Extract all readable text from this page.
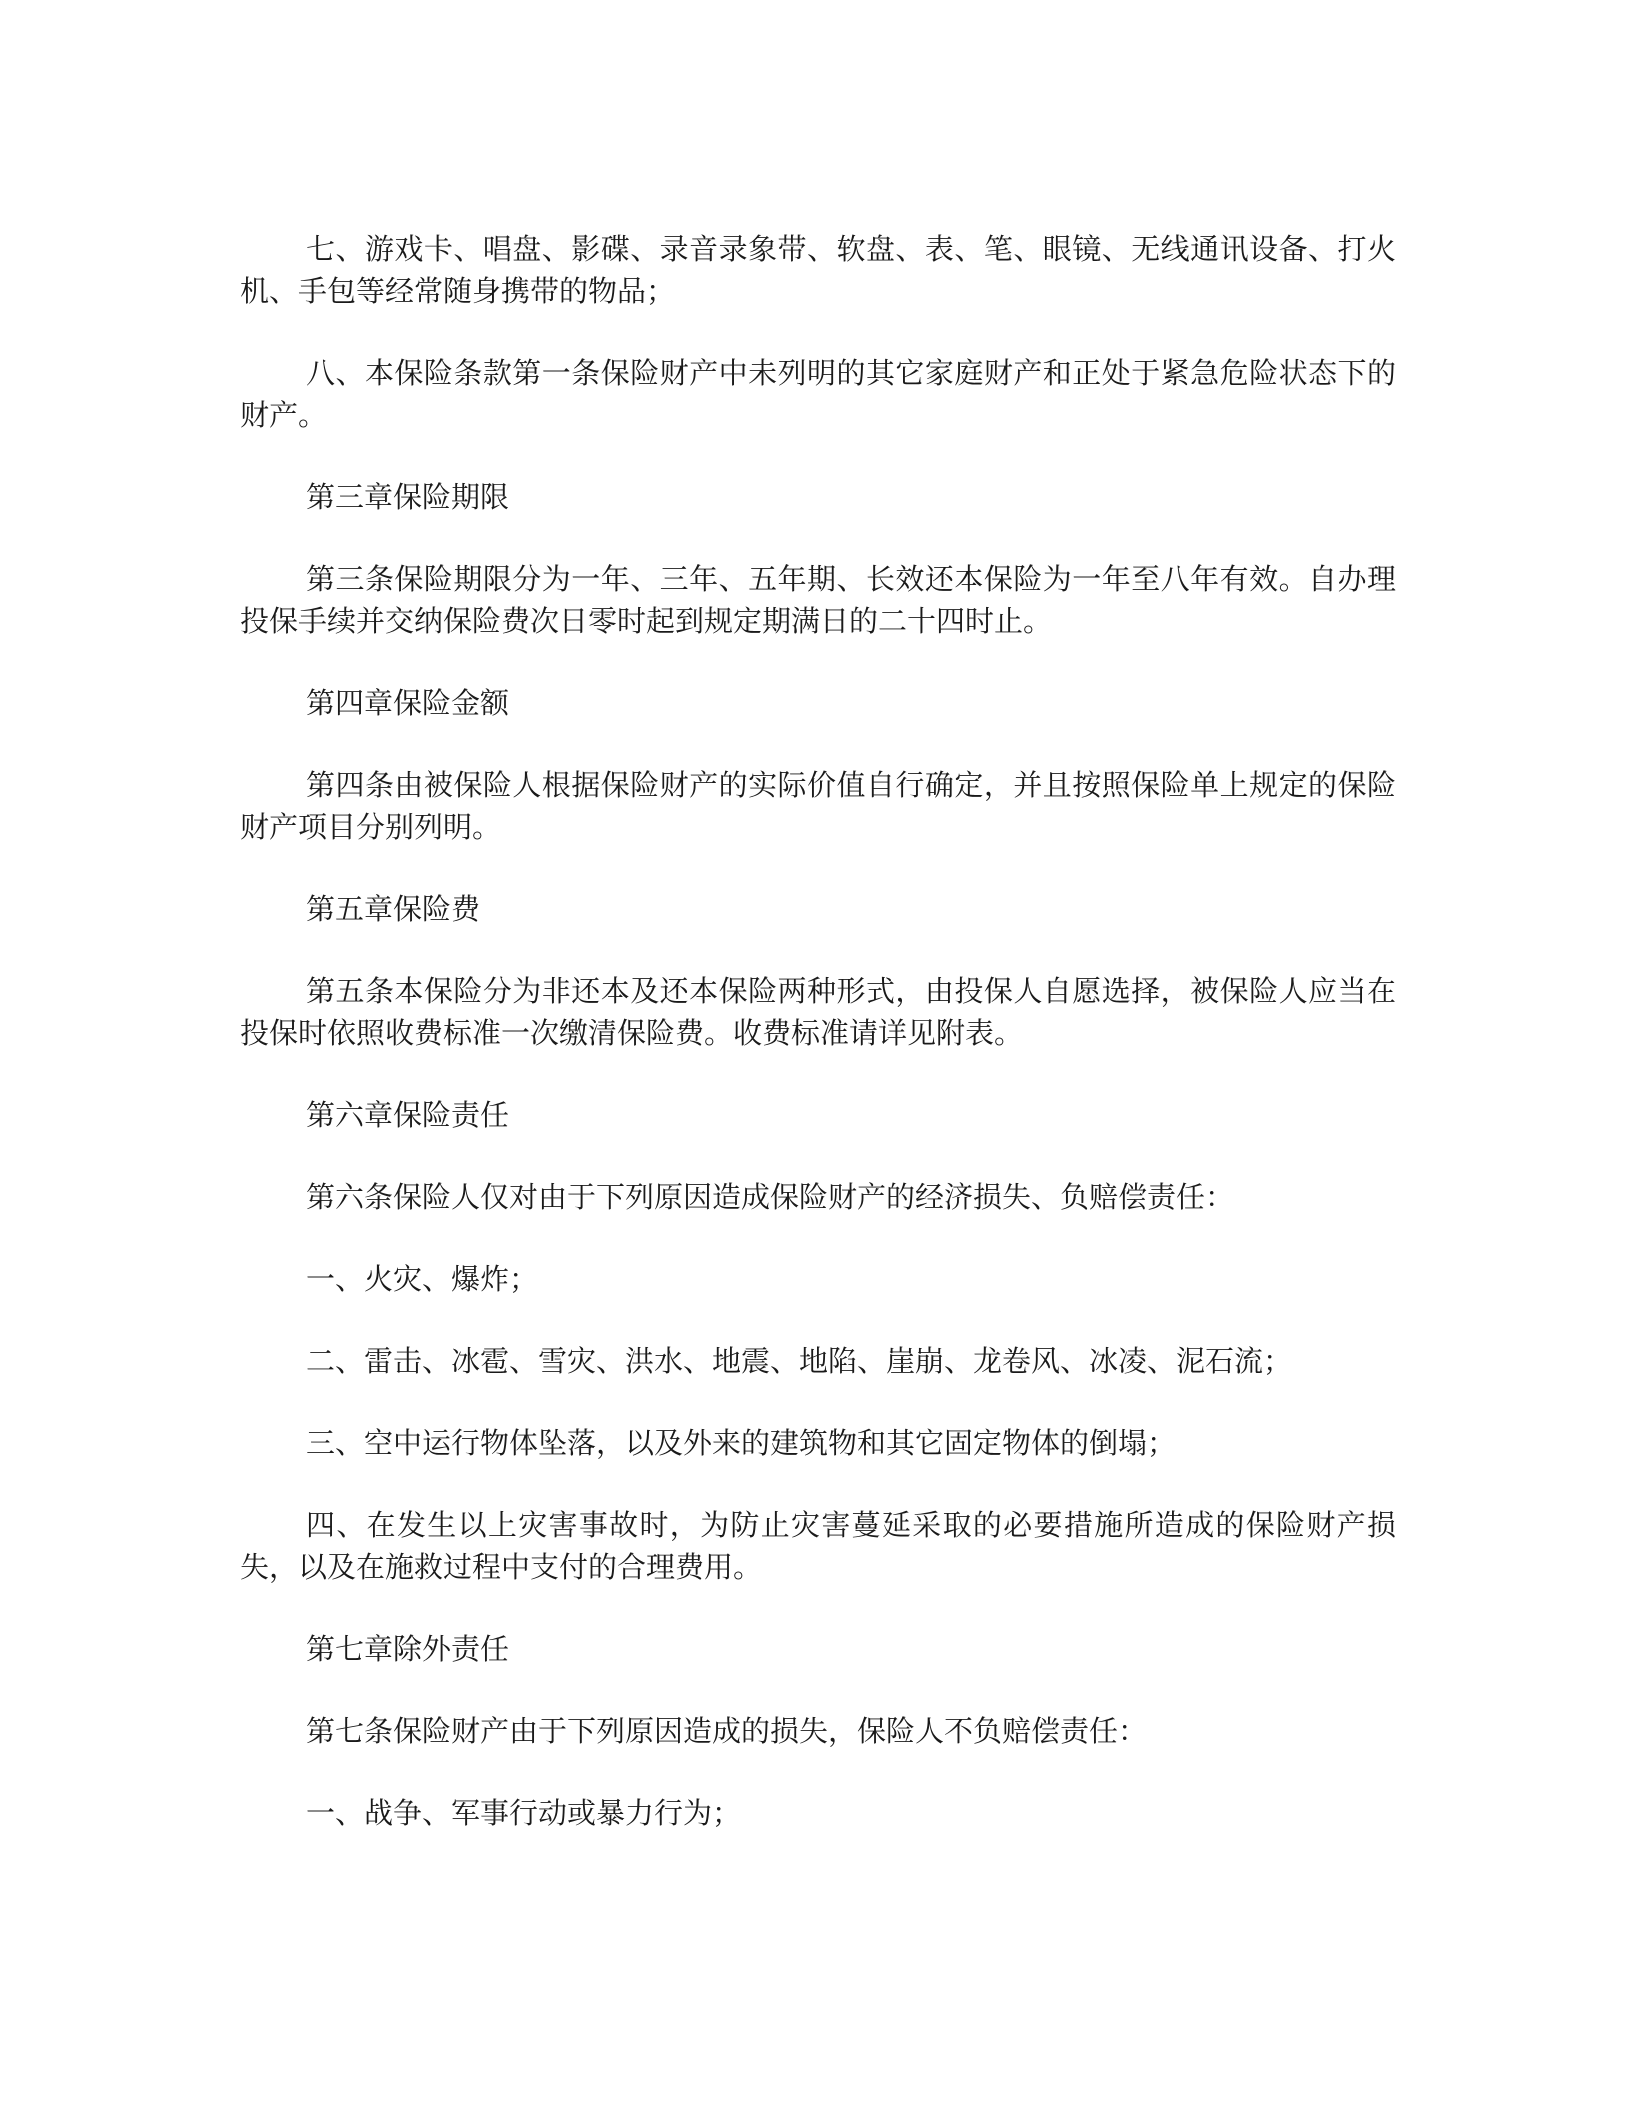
七、游戏卡、唱盘、影碟、录音录象带、软盘、表、笔、眼镜、无线通讯设备、打火机、手包等经常随身携带的物品；

八、本保险条款第一条保险财产中未列明的其它家庭财产和正处于紧急危险状态下的财产。

第三章保险期限

第三条保险期限分为一年、三年、五年期、长效还本保险为一年至八年有效。自办理投保手续并交纳保险费次日零时起到规定期满日的二十四时止。

第四章保险金额

第四条由被保险人根据保险财产的实际价值自行确定，并且按照保险单上规定的保险财产项目分别列明。

第五章保险费

第五条本保险分为非还本及还本保险两种形式，由投保人自愿选择，被保险人应当在投保时依照收费标准一次缴清保险费。收费标准请详见附表。

第六章保险责任

第六条保险人仅对由于下列原因造成保险财产的经济损失、负赔偿责任：

一、火灾、爆炸；

二、雷击、冰雹、雪灾、洪水、地震、地陷、崖崩、龙卷风、冰凌、泥石流；

三、空中运行物体坠落，以及外来的建筑物和其它固定物体的倒塌；

四、在发生以上灾害事故时，为防止灾害蔓延采取的必要措施所造成的保险财产损失，以及在施救过程中支付的合理费用。

第七章除外责任

第七条保险财产由于下列原因造成的损失，保险人不负赔偿责任：

一、战争、军事行动或暴力行为；
